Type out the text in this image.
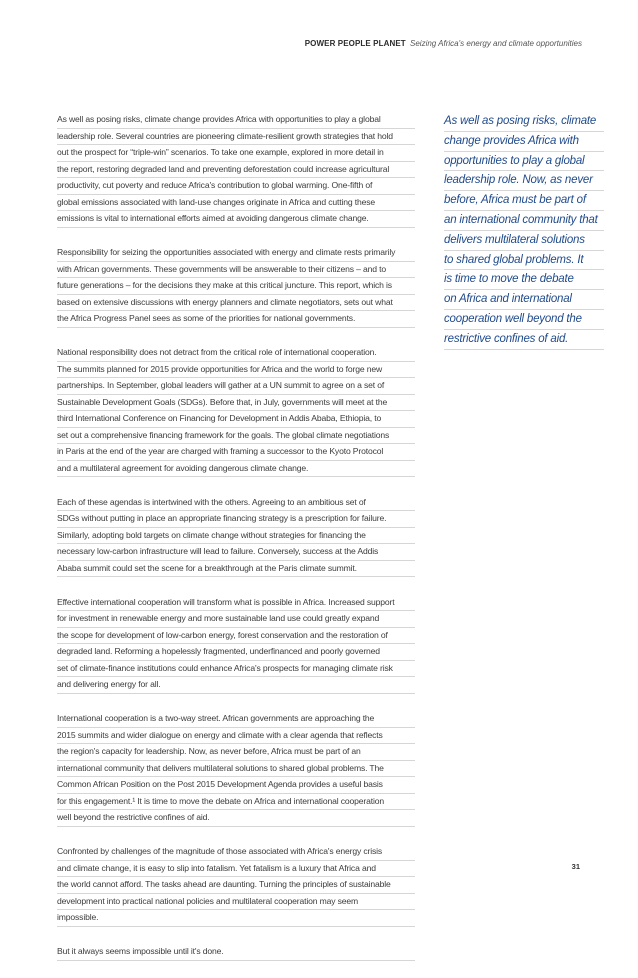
POWER PEOPLE PLANET Seizing Africa's energy and climate opportunities

As well as posing risks, climate change provides Africa with opportunities to play a global
leadership role. Several countries are pioneering climate-resilient growth strategies that hold
out the prospect for “triple-win” scenarios. To take one example, explored in more detail in
the report, restoring degraded land and preventing deforestation could increase agricultural
productivity, cut poverty and reduce Africa's contribution to global warming. One-fifth of
global emissions associated with land-use changes originate in Africa and cutting these
emissions is vital to international efforts aimed at avoiding dangerous climate change.

Responsibility for seizing the opportunities associated with energy and climate rests primarily
with African governments. These governments will be answerable to their citizens – and to
future generations – for the decisions they make at this critical juncture. This report, which is
based on extensive discussions with energy planners and climate negotiators, sets out what
the Africa Progress Panel sees as some of the priorities for national governments.

National responsibility does not detract from the critical role of international cooperation.
The summits planned for 2015 provide opportunities for Africa and the world to forge new
partnerships. In September, global leaders will gather at a UN summit to agree on a set of
Sustainable Development Goals (SDGs). Before that, in July, governments will meet at the
third International Conference on Financing for Development in Addis Ababa, Ethiopia, to
set out a comprehensive financing framework for the goals. The global climate negotiations
in Paris at the end of the year are charged with framing a successor to the Kyoto Protocol
and a multilateral agreement for avoiding dangerous climate change.

Each of these agendas is intertwined with the others. Agreeing to an ambitious set of
SDGs without putting in place an appropriate financing strategy is a prescription for failure.
Similarly, adopting bold targets on climate change without strategies for financing the
necessary low-carbon infrastructure will lead to failure. Conversely, success at the Addis
Ababa summit could set the scene for a breakthrough at the Paris climate summit.

Effective international cooperation will transform what is possible in Africa. Increased support
for investment in renewable energy and more sustainable land use could greatly expand
the scope for development of low-carbon energy, forest conservation and the restoration of
degraded land. Reforming a hopelessly fragmented, underfinanced and poorly governed
set of climate-finance institutions could enhance Africa's prospects for managing climate risk
and delivering energy for all.

International cooperation is a two-way street. African governments are approaching the
2015 summits and wider dialogue on energy and climate with a clear agenda that reflects
the region's capacity for leadership. Now, as never before, Africa must be part of an
international community that delivers multilateral solutions to shared global problems. The
Common African Position on the Post 2015 Development Agenda provides a useful basis
for this engagement.¹ It is time to move the debate on Africa and international cooperation
well beyond the restrictive confines of aid.

Confronted by challenges of the magnitude of those associated with Africa's energy crisis
and climate change, it is easy to slip into fatalism. Yet fatalism is a luxury that Africa and
the world cannot afford. The tasks ahead are daunting. Turning the principles of sustainable
development into practical national policies and multilateral cooperation may seem
impossible.

But it always seems impossible until it's done.

As well as posing risks, climate
change provides Africa with
opportunities to play a global
leadership role. Now, as never
before, Africa must be part of
an international community that
delivers multilateral solutions
to shared global problems. It
is time to move the debate
on Africa and international
cooperation well beyond the
restrictive confines of aid.
31
